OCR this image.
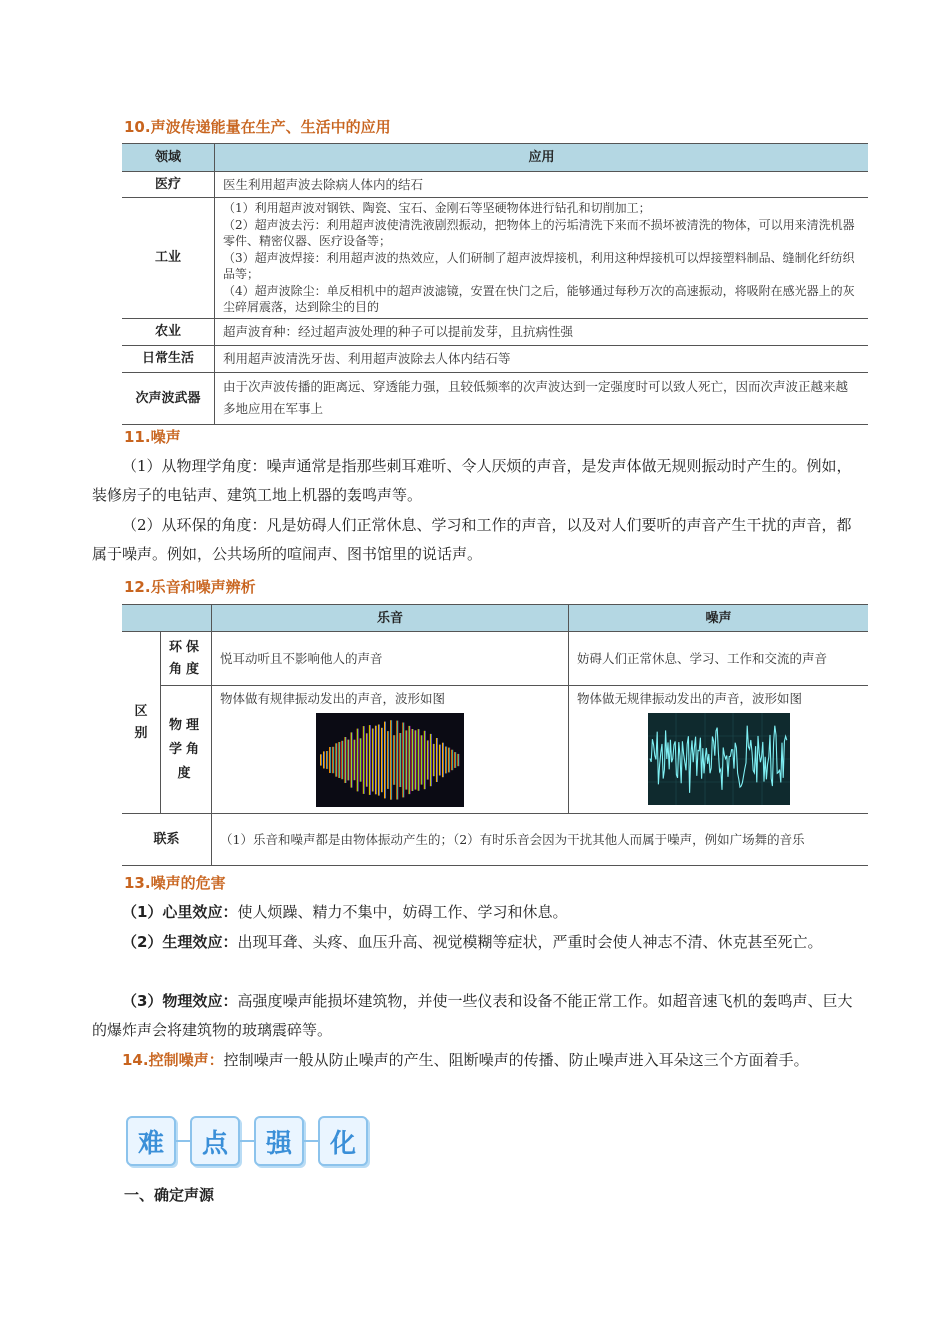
10.声波传递能量在生产、生活中的应用
领域	应用
医疗	医生利用超声波去除病人体内的结石
工业	（1）利用超声波对钢铁、陶瓷、宝石、金刚石等坚硬物体进行钻孔和切削加工；
（2）超声波去污：利用超声波使清洗液剧烈振动，把物体上的污垢清洗下来而不损坏被清洗的物体，可以用来清洗机器零件、精密仪器、医疗设备等；
（3）超声波焊接：利用超声波的热效应，人们研制了超声波焊接机，利用这种焊接机可以焊接塑料制品、缝制化纤纺织品等；
（4）超声波除尘：单反相机中的超声波滤镜，安置在快门之后，能够通过每秒万次的高速振动，将吸附在感光器上的灰尘碎屑震落，达到除尘的目的

农业	超声波育种：经过超声波处理的种子可以提前发芽，且抗病性强
日常生活	利用超声波清洗牙齿、利用超声波除去人体内结石等
次声波武器	由于次声波传播的距离远、穿透能力强，且较低频率的次声波达到一定强度时可以致人死亡，因而次声波正越来越多地应用在军事上
11.噪声
（1）从物理学角度：噪声通常是指那些刺耳难听、令人厌烦的声音，是发声体做无规则振动时产生的。例如，装修房子的电钻声、建筑工地上机器的轰鸣声等。
（2）从环保的角度：凡是妨碍人们正常休息、学习和工作的声音，以及对人们要听的声音产生干扰的声音，都属于噪声。例如，公共场所的喧闹声、图书馆里的说话声。
12.乐音和噪声辨析
		乐音	噪声

区别	环保角度	悦耳动听且不影响他人的声音	妨碍人们正常休息、学习、工作和交流的声音

	物理学角度	物体做有规律振动发出的声音，波形如图	物体做无规律振动发出的声音，波形如图

联系		（1）乐音和噪声都是由物体振动产生的；（2）有时乐音会因为干扰其他人而属于噪声，例如广场舞的音乐	
13.噪声的危害
（1）心里效应：使人烦躁、精力不集中，妨碍工作、学习和休息。
（2）生理效应：出现耳聋、头疼、血压升高、视觉模糊等症状，严重时会使人神志不清、休克甚至死亡。
（3）物理效应：高强度噪声能损坏建筑物，并使一些仪表和设备不能正常工作。如超音速飞机的轰鸣声、巨大的爆炸声会将建筑物的玻璃震碎等。
14.控制噪声：控制噪声一般从防止噪声的产生、阻断噪声的传播、防止噪声进入耳朵这三个方面着手。
难	点	强	化
一、确定声源
